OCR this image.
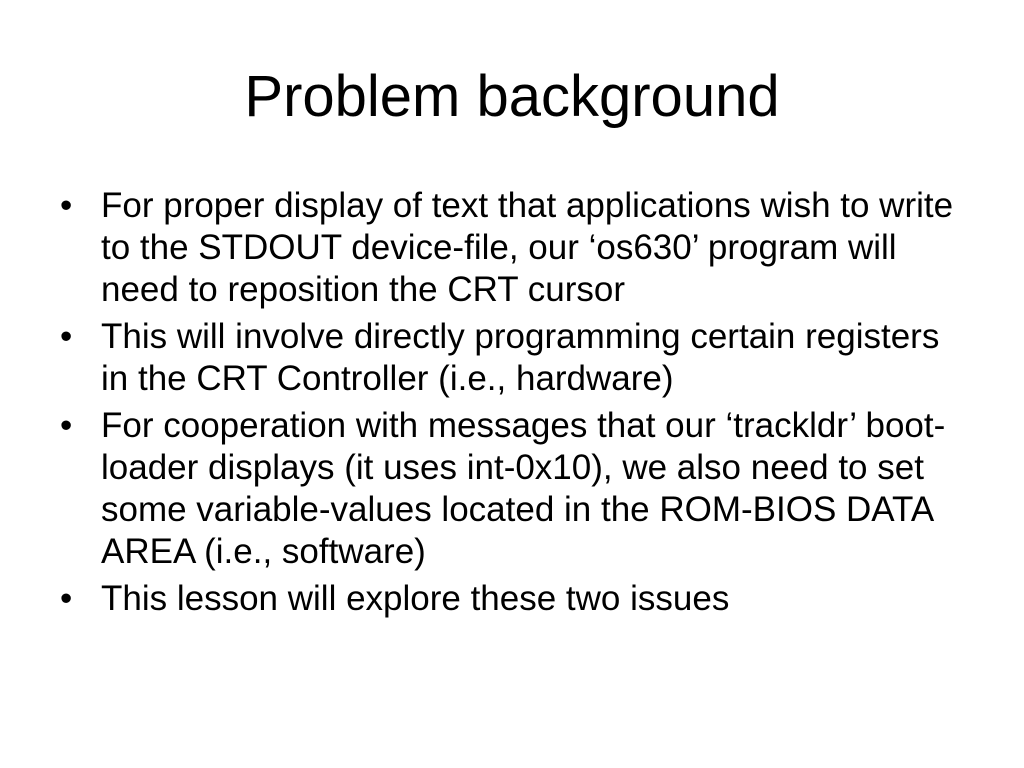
Problem background
• For proper display of text that applications wish to write to the STDOUT device-file, our ‘os630’ program will need to reposition the CRT cursor
• This will involve directly programming certain registers in the CRT Controller (i.e., hardware)
• For cooperation with messages that our ‘trackldr’ boot-loader displays (it uses int-0x10), we also need to set some variable-values located in the ROM-BIOS DATA AREA (i.e., software)
• This lesson will explore these two issues
